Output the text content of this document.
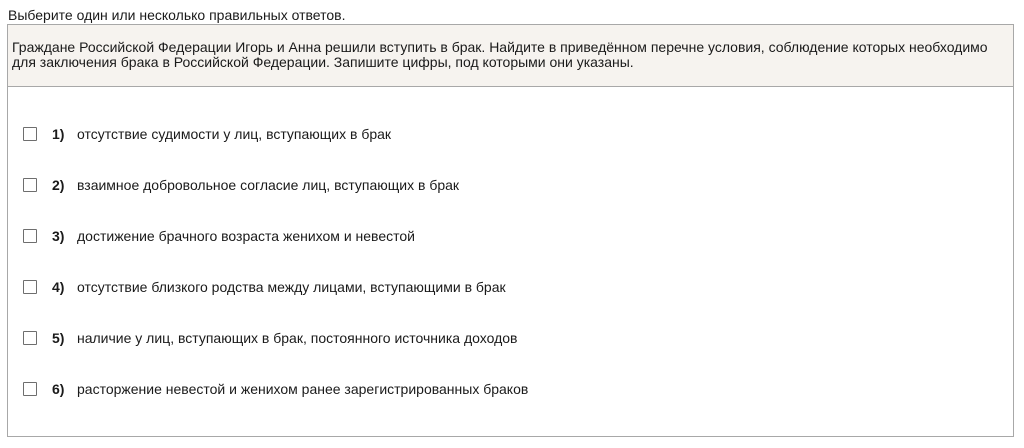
Выберите один или несколько правильных ответов.
Граждане Российской Федерации Игорь и Анна решили вступить в брак. Найдите в приведённом перечне условия, соблюдение которых необходимо для заключения брака в Российской Федерации. Запишите цифры, под которыми они указаны.
1) отсутствие судимости у лиц, вступающих в брак
2) взаимное добровольное согласие лиц, вступающих в брак
3) достижение брачного возраста женихом и невестой
4) отсутствие близкого родства между лицами, вступающими в брак
5) наличие у лиц, вступающих в брак, постоянного источника доходов
6) расторжение невестой и женихом ранее зарегистрированных браков
